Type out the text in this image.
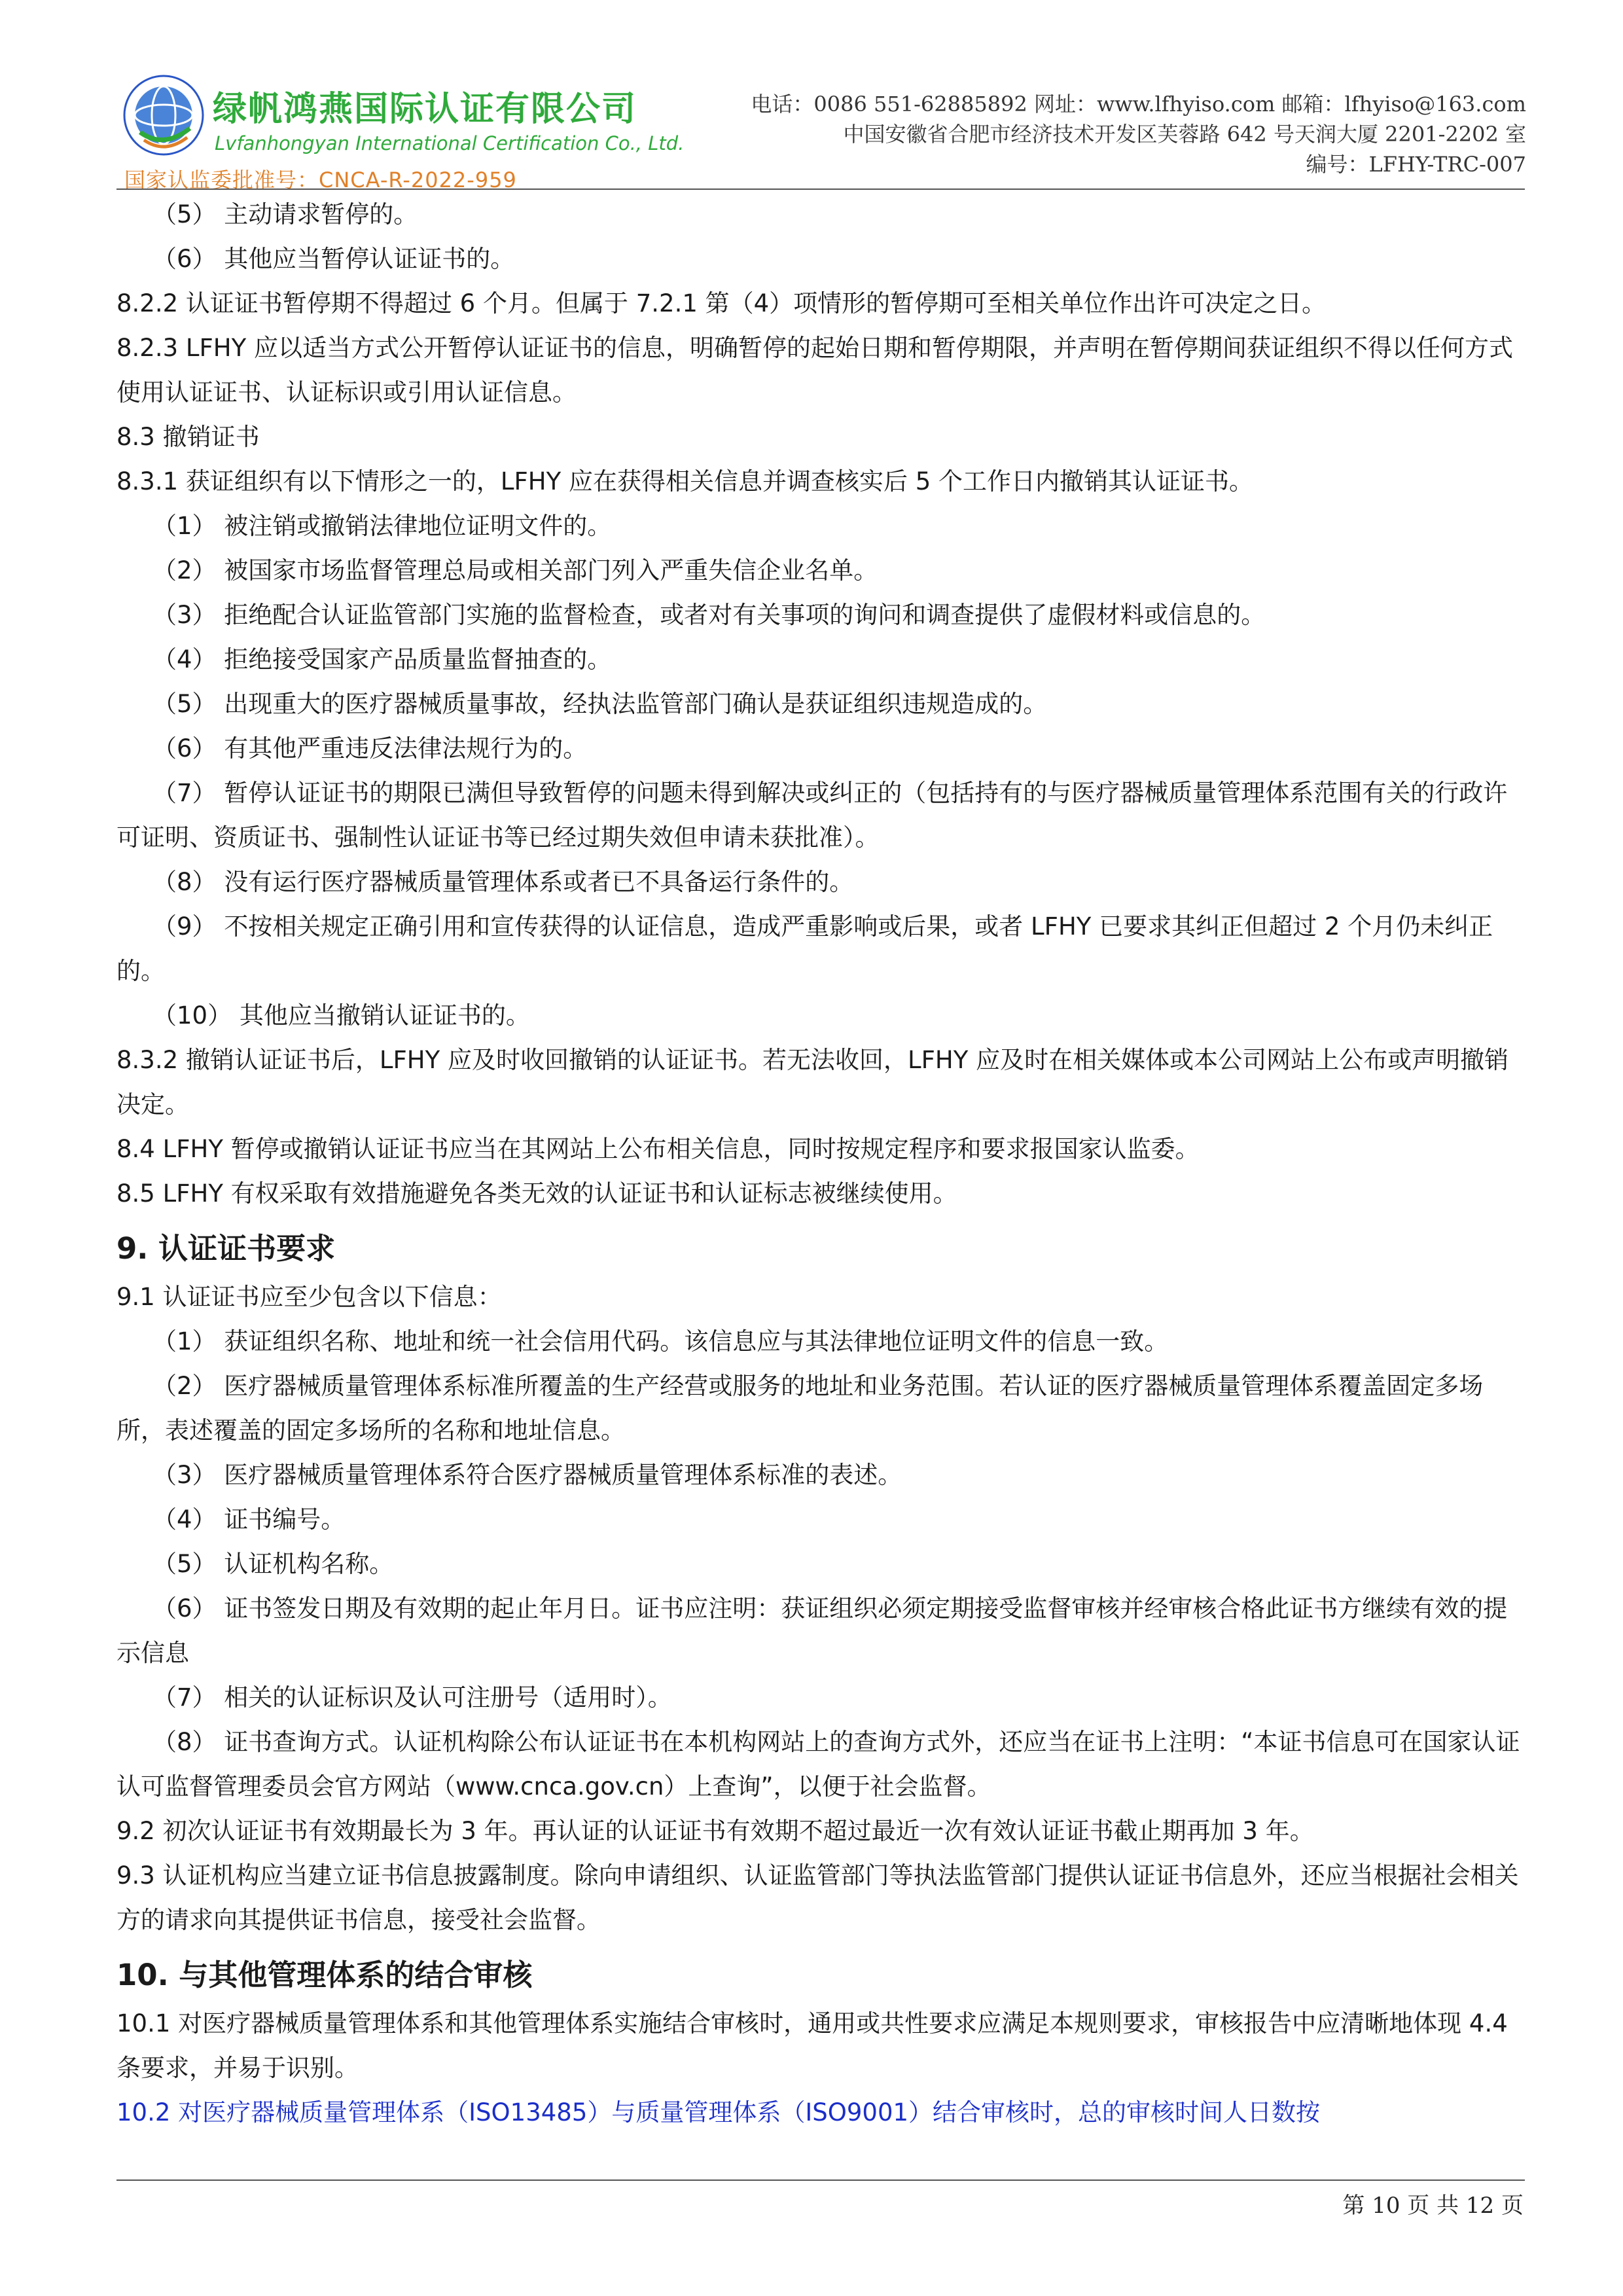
绿帆鸿燕国际认证有限公司
Lvfanhongyan International Certification Co., Ltd.
国家认监委批准号：CNCA-R-2022-959
电话：0086 551-62885892 网址：www.lfhyiso.com 邮箱：lfhyiso@163.com
中国安徽省合肥市经济技术开发区芙蓉路 642 号天润大厦 2201-2202 室
编号：LFHY-TRC-007

（5） 主动请求暂停的。

（6） 其他应当暂停认证证书的。

8.2.2 认证证书暂停期不得超过 6 个月。但属于 7.2.1 第（4）项情形的暂停期可至相关单位作出许可决定之日。

8.2.3 LFHY 应以适当方式公开暂停认证证书的信息，明确暂停的起始日期和暂停期限，并声明在暂停期间获证组织不得以任何方式使用认证证书、认证标识或引用认证信息。

8.3 撤销证书

8.3.1 获证组织有以下情形之一的，LFHY 应在获得相关信息并调查核实后 5 个工作日内撤销其认证证书。

（1） 被注销或撤销法律地位证明文件的。

（2） 被国家市场监督管理总局或相关部门列入严重失信企业名单。

（3） 拒绝配合认证监管部门实施的监督检查，或者对有关事项的询问和调查提供了虚假材料或信息的。

（4） 拒绝接受国家产品质量监督抽查的。

（5） 出现重大的医疗器械质量事故，经执法监管部门确认是获证组织违规造成的。

（6） 有其他严重违反法律法规行为的。

（7） 暂停认证证书的期限已满但导致暂停的问题未得到解决或纠正的（包括持有的与医疗器械质量管理体系范围有关的行政许可证明、资质证书、强制性认证证书等已经过期失效但申请未获批准）。

（8） 没有运行医疗器械质量管理体系或者已不具备运行条件的。

（9） 不按相关规定正确引用和宣传获得的认证信息，造成严重影响或后果，或者 LFHY 已要求其纠正但超过 2 个月仍未纠正的。

（10） 其他应当撤销认证证书的。

8.3.2 撤销认证证书后，LFHY 应及时收回撤销的认证证书。若无法收回，LFHY 应及时在相关媒体或本公司网站上公布或声明撤销决定。

8.4 LFHY 暂停或撤销认证证书应当在其网站上公布相关信息，同时按规定程序和要求报国家认监委。

8.5 LFHY 有权采取有效措施避免各类无效的认证证书和认证标志被继续使用。

9. 认证证书要求

9.1 认证证书应至少包含以下信息：

（1） 获证组织名称、地址和统一社会信用代码。该信息应与其法律地位证明文件的信息一致。

（2） 医疗器械质量管理体系标准所覆盖的生产经营或服务的地址和业务范围。若认证的医疗器械质量管理体系覆盖固定多场所，表述覆盖的固定多场所的名称和地址信息。

（3） 医疗器械质量管理体系符合医疗器械质量管理体系标准的表述。

（4） 证书编号。

（5） 认证机构名称。

（6） 证书签发日期及有效期的起止年月日。证书应注明：获证组织必须定期接受监督审核并经审核合格此证书方继续有效的提示信息

（7） 相关的认证标识及认可注册号（适用时）。

（8） 证书查询方式。认证机构除公布认证证书在本机构网站上的查询方式外，还应当在证书上注明：“本证书信息可在国家认证认可监督管理委员会官方网站（www.cnca.gov.cn）上查询”，以便于社会监督。

9.2 初次认证证书有效期最长为 3 年。再认证的认证证书有效期不超过最近一次有效认证证书截止期再加 3 年。

9.3 认证机构应当建立证书信息披露制度。除向申请组织、认证监管部门等执法监管部门提供认证证书信息外，还应当根据社会相关方的请求向其提供证书信息，接受社会监督。

10. 与其他管理体系的结合审核

10.1 对医疗器械质量管理体系和其他管理体系实施结合审核时，通用或共性要求应满足本规则要求，审核报告中应清晰地体现 4.4 条要求，并易于识别。

10.2 对医疗器械质量管理体系（ISO13485）与质量管理体系（ISO9001）结合审核时，总的审核时间人日数按

第 10 页 共 12 页
